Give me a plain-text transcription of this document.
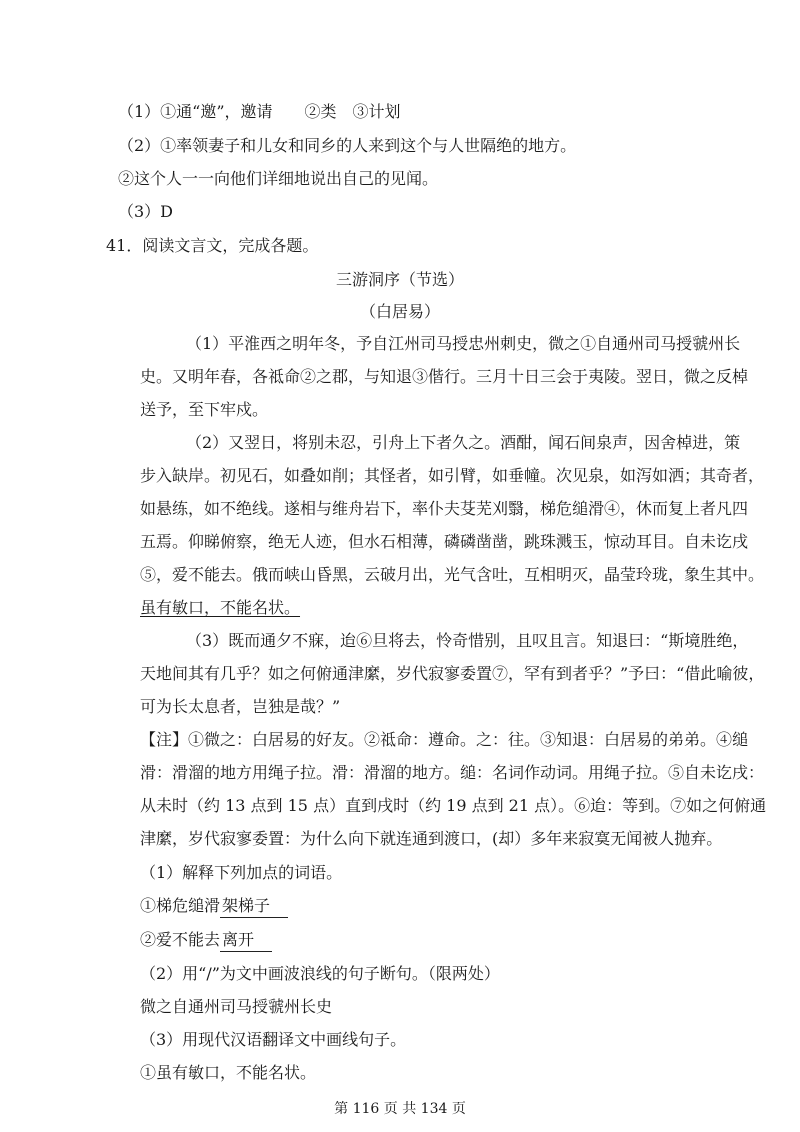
（1）①通“邀”，邀请　　②类　③计划
（2）①率领妻子和儿女和同乡的人来到这个与人世隔绝的地方。
②这个人一一向他们详细地说出自己的见闻。
（3）D
41．阅读文言文，完成各题。
三游洞序（节选）
（白居易）
（1）平淮西之明年冬，予自江州司马授忠州刺史，微之①自通州司马授虢州长
史。又明年春，各祗命②之郡，与知退③偕行。三月十日三会于夷陵。翌日，微之反棹
送予，至下牢戍。
（2）又翌日，将别未忍，引舟上下者久之。酒酣，闻石间泉声，因舍棹进，策
步入缺岸。初见石，如叠如削；其怪者，如引臂，如垂幢。次见泉，如泻如洒；其奇者，
如悬练，如不绝线。遂相与维舟岩下，率仆夫芟芜刈翳，梯危缒滑④，休而复上者凡四
五焉。仰睇俯察，绝无人迹，但水石相薄，磷磷凿凿，跳珠溅玉，惊动耳目。自未讫戌
⑤，爱不能去。俄而峡山昏黑，云破月出，光气含吐，互相明灭，晶莹玲珑，象生其中。
虽有敏口，不能名状。
（3）既而通夕不寐，迨⑥旦将去，怜奇惜别，且叹且言。知退曰：“斯境胜绝，
天地间其有几乎？如之何俯通津縻，岁代寂寥委置⑦，罕有到者乎？”予曰：“借此喻彼，
可为长太息者，岂独是哉？”
【注】①微之：白居易的好友。②祗命：遵命。之：往。③知退：白居易的弟弟。④缒
滑：滑溜的地方用绳子拉。滑：滑溜的地方。缒：名词作动词。用绳子拉。⑤自未讫戌：
从未时（约 13 点到 15 点）直到戌时（约 19 点到 21 点）。⑥迨：等到。⑦如之何俯通
津縻，岁代寂寥委置：为什么向下就连通到渡口，(却）多年来寂寞无闻被人抛弃。
（1）解释下列加点的词语。
①梯危缒滑 架梯子
②爱不能去 离开
（2）用“/”为文中画波浪线的句子断句。（限两处）
微之自通州司马授虢州长史
（3）用现代汉语翻译文中画线句子。
①虽有敏口，不能名状。
第 116 页 共 134 页
